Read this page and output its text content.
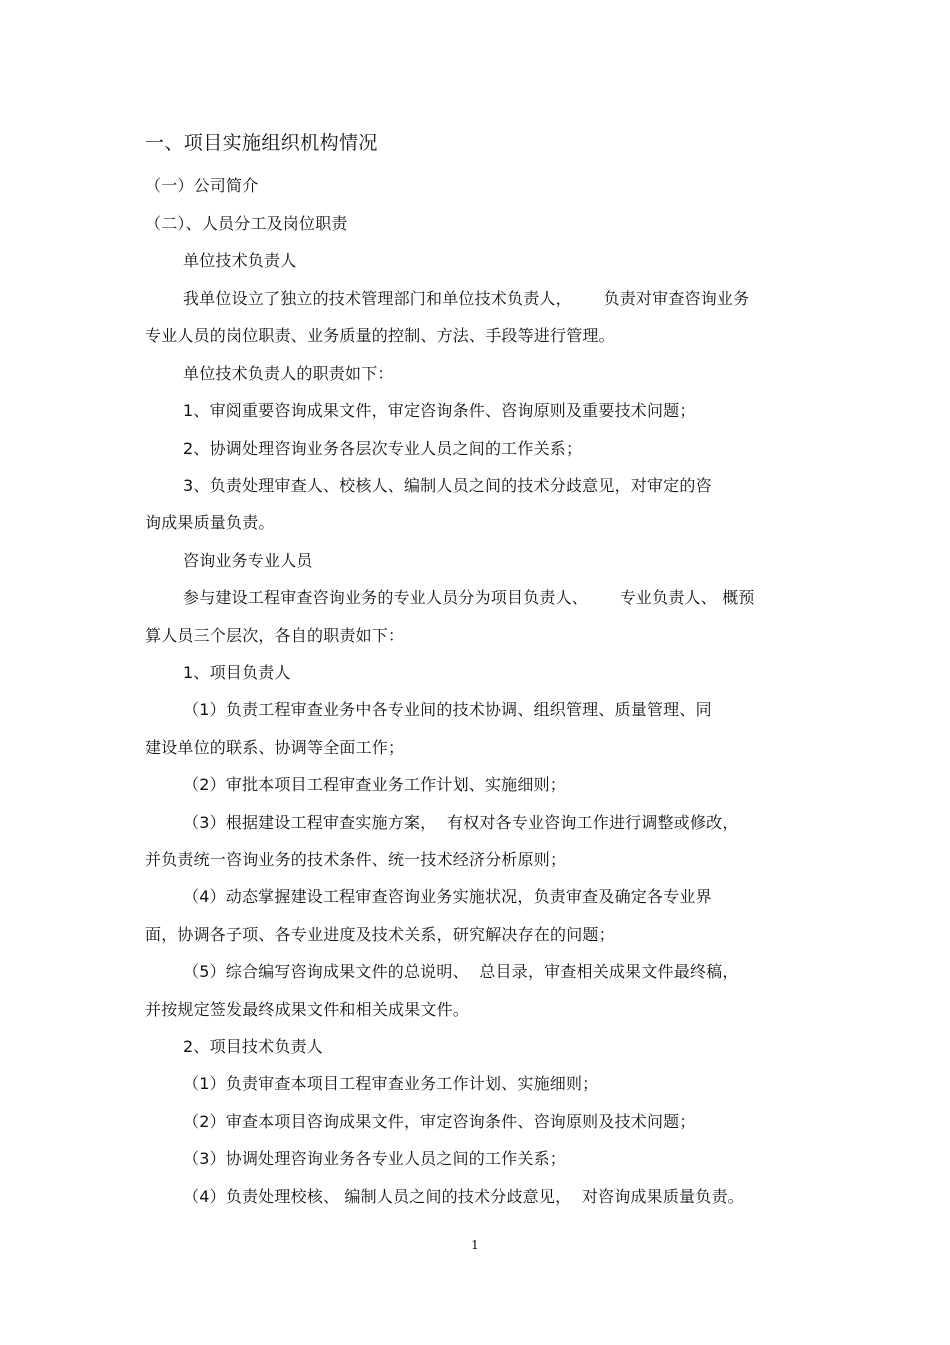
一、项目实施组织机构情况
（一）公司简介
（二）、人员分工及岗位职责
单位技术负责人
我单位设立了独立的技术管理部门和单位技术负责人，      负责对审查咨询业务
专业人员的岗位职责、业务质量的控制、方法、手段等进行管理。
单位技术负责人的职责如下：
1、审阅重要咨询成果文件，审定咨询条件、咨询原则及重要技术问题；
2、协调处理咨询业务各层次专业人员之间的工作关系；
3、负责处理审查人、校核人、编制人员之间的技术分歧意见，对审定的咨
询成果质量负责。
咨询业务专业人员
参与建设工程审查咨询业务的专业人员分为项目负责人、      专业负责人、 概预
算人员三个层次，各自的职责如下：
1、项目负责人
（1）负责工程审查业务中各专业间的技术协调、组织管理、质量管理、同
建设单位的联系、协调等全面工作；
（2）审批本项目工程审查业务工作计划、实施细则；
（3）根据建设工程审查实施方案，  有权对各专业咨询工作进行调整或修改，
并负责统一咨询业务的技术条件、统一技术经济分析原则；
（4）动态掌握建设工程审查咨询业务实施状况，负责审查及确定各专业界
面，协调各子项、各专业进度及技术关系，研究解决存在的问题；
（5）综合编写咨询成果文件的总说明、  总目录，审查相关成果文件最终稿，
并按规定签发最终成果文件和相关成果文件。
2、项目技术负责人
（1）负责审查本项目工程审查业务工作计划、实施细则；
（2）审查本项目咨询成果文件，审定咨询条件、咨询原则及技术问题；
（3）协调处理咨询业务各专业人员之间的工作关系；
（4）负责处理校核、 编制人员之间的技术分歧意见，  对咨询成果质量负责。
1
